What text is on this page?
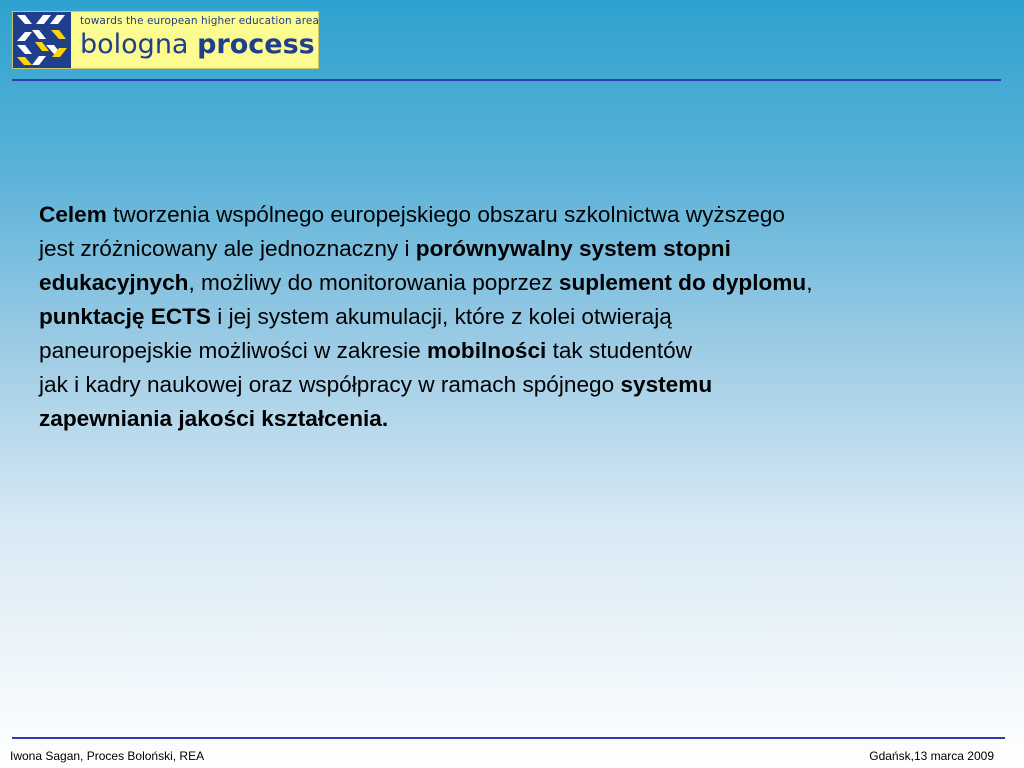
towards the european higher education area
bologna process
Celem tworzenia wspólnego europejskiego obszaru szkolnictwa wyższego
jest zróżnicowany ale jednoznaczny i porównywalny system stopni
edukacyjnych, możliwy do monitorowania poprzez suplement do dyplomu,
punktację ECTS i jej system akumulacji, które z kolei otwierają
paneuropejskie możliwości w zakresie mobilności tak studentów
jak i kadry naukowej oraz współpracy w ramach spójnego systemu
zapewniania jakości kształcenia.
Iwona Sagan, Proces Boloński, REA	Gdańsk,13 marca 2009
